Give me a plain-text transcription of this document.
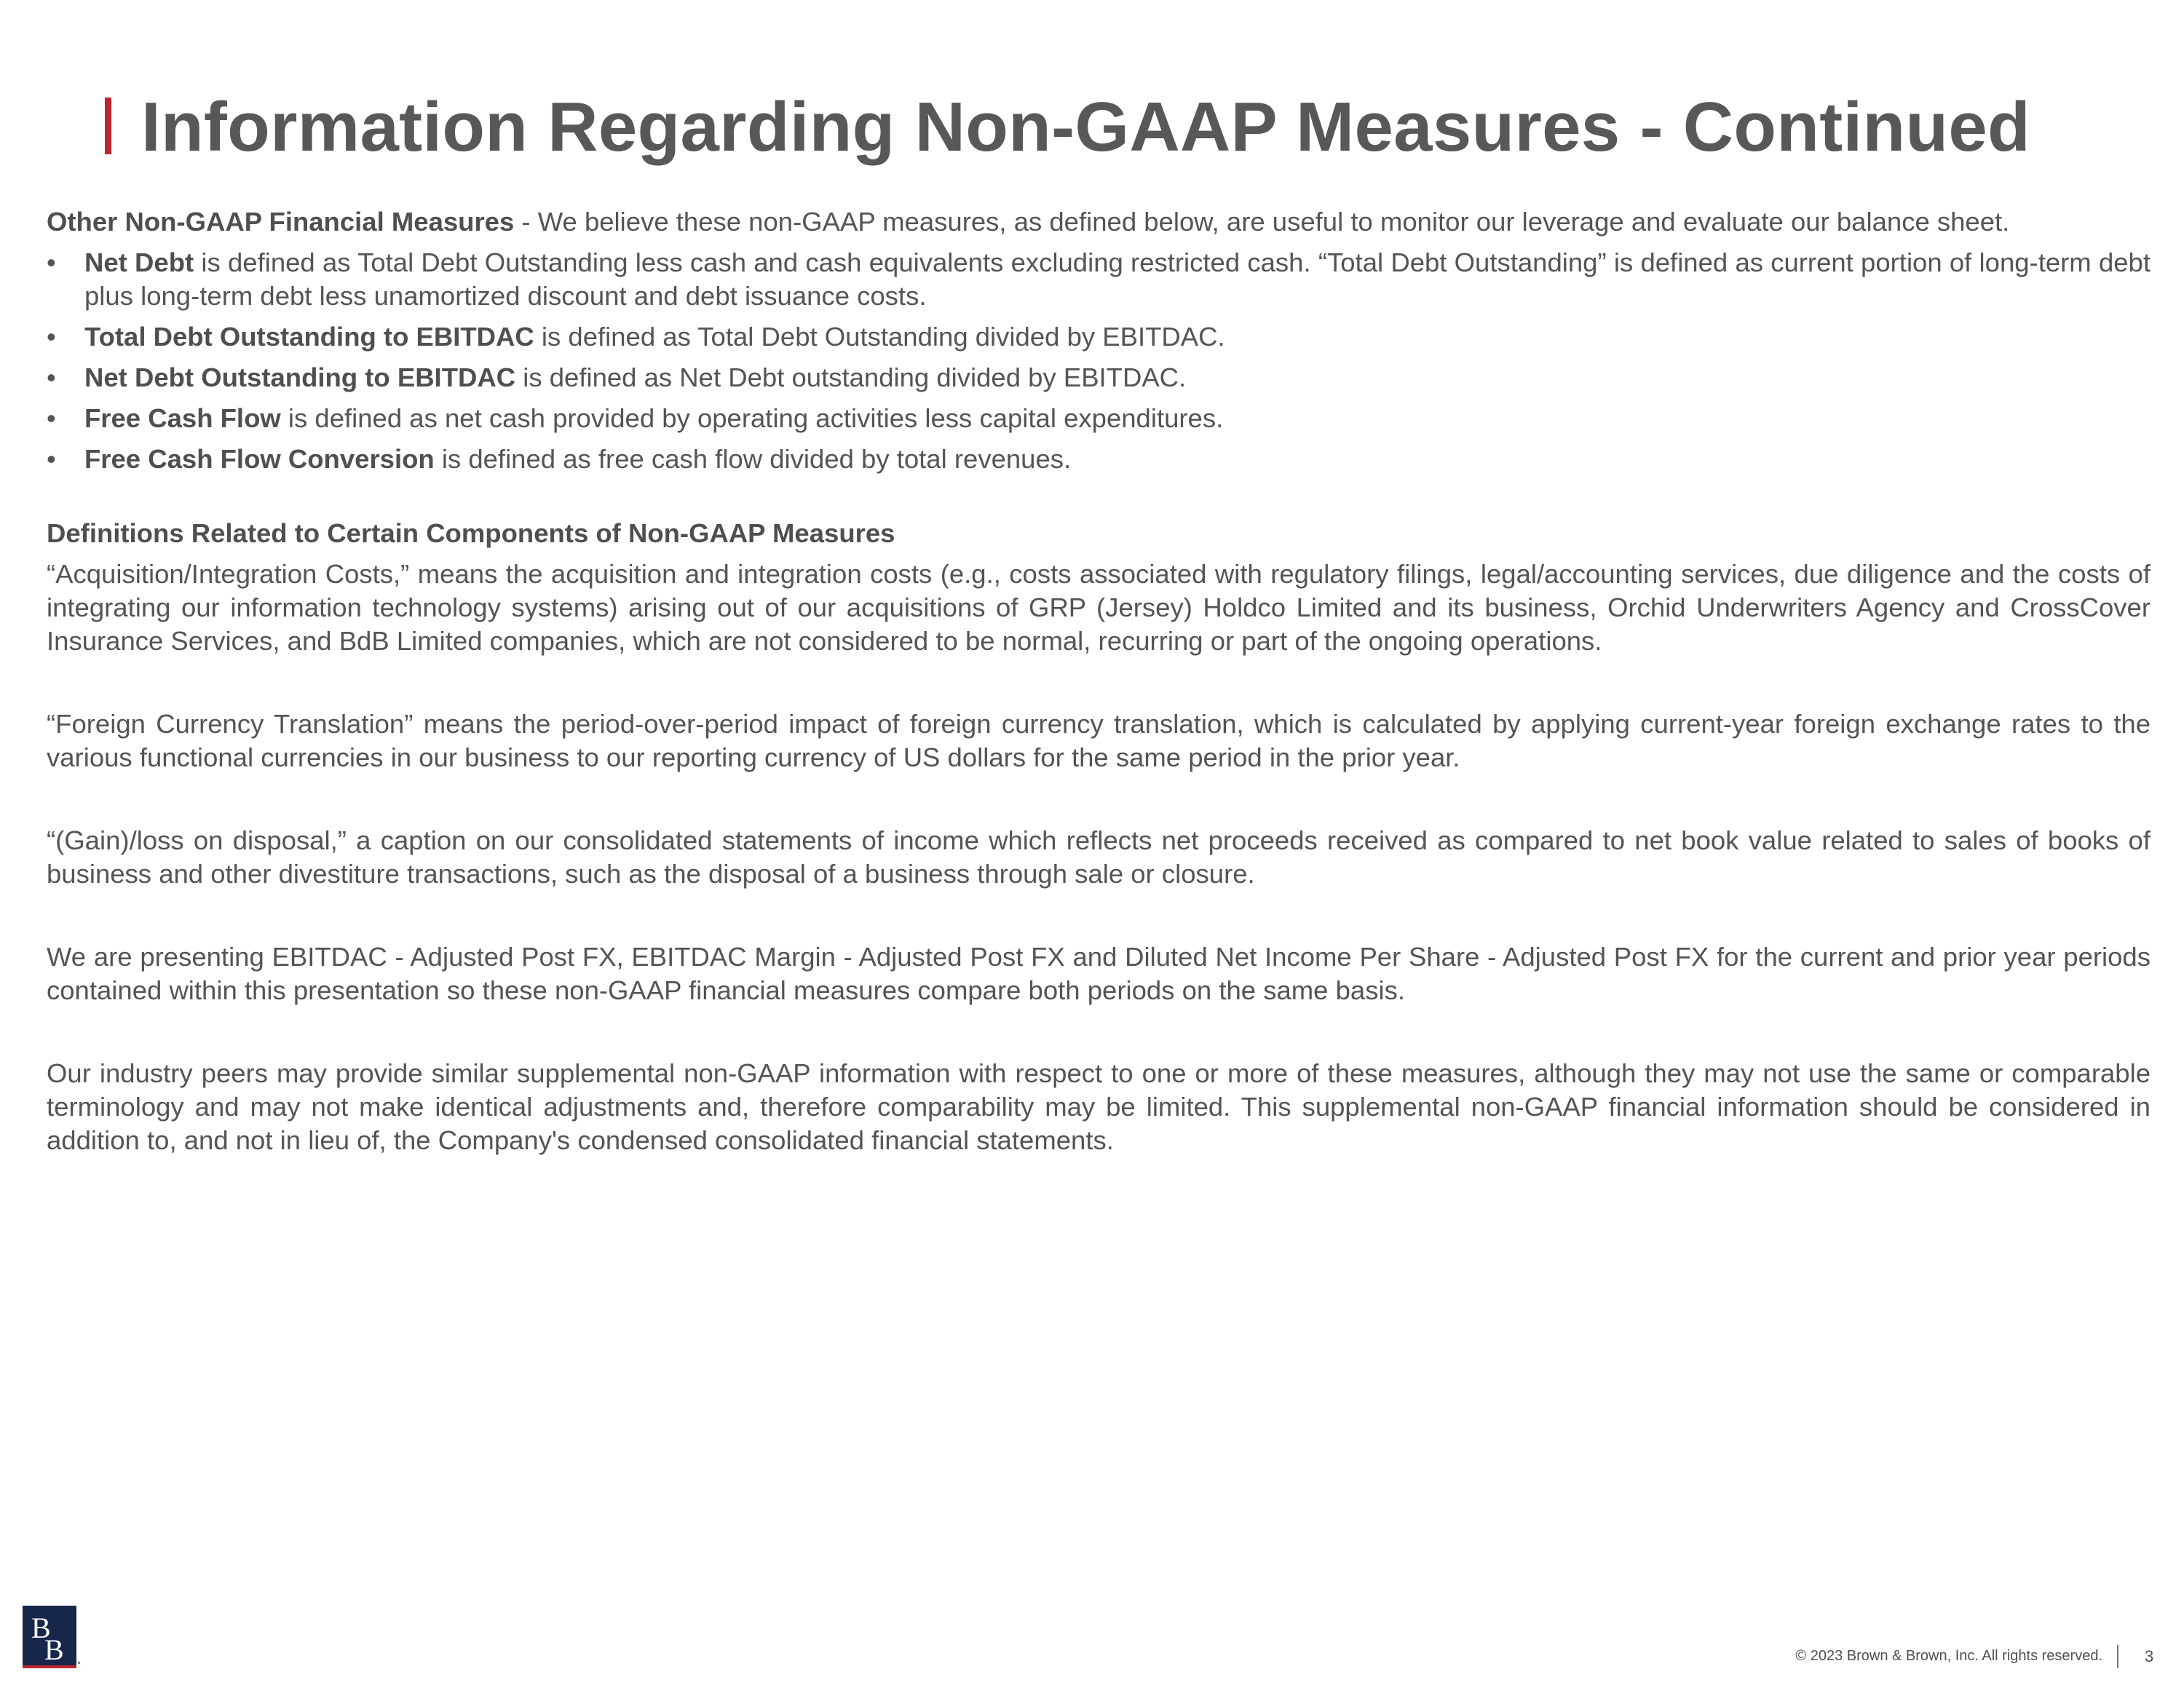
Information Regarding Non-GAAP Measures - Continued

Other Non-GAAP Financial Measures - We believe these non-GAAP measures, as defined below, are useful to monitor our leverage and evaluate our balance sheet.

• Net Debt is defined as Total Debt Outstanding less cash and cash equivalents excluding restricted cash. “Total Debt Outstanding” is defined as current portion of long-term debt plus long-term debt less unamortized discount and debt issuance costs.
• Total Debt Outstanding to EBITDAC is defined as Total Debt Outstanding divided by EBITDAC.
• Net Debt Outstanding to EBITDAC is defined as Net Debt outstanding divided by EBITDAC.
• Free Cash Flow is defined as net cash provided by operating activities less capital expenditures.
• Free Cash Flow Conversion is defined as free cash flow divided by total revenues.

Definitions Related to Certain Components of Non-GAAP Measures

“Acquisition/Integration Costs,” means the acquisition and integration costs (e.g., costs associated with regulatory filings, legal/accounting services, due diligence and the costs of integrating our information technology systems) arising out of our acquisitions of GRP (Jersey) Holdco Limited and its business, Orchid Underwriters Agency and CrossCover Insurance Services, and BdB Limited companies, which are not considered to be normal, recurring or part of the ongoing operations.

“Foreign Currency Translation” means the period-over-period impact of foreign currency translation, which is calculated by applying current-year foreign exchange rates to the various functional currencies in our business to our reporting currency of US dollars for the same period in the prior year.

“(Gain)/loss on disposal,” a caption on our consolidated statements of income which reflects net proceeds received as compared to net book value related to sales of books of business and other divestiture transactions, such as the disposal of a business through sale or closure.

We are presenting EBITDAC - Adjusted Post FX, EBITDAC Margin - Adjusted Post FX and Diluted Net Income Per Share - Adjusted Post FX for the current and prior year periods contained within this presentation so these non-GAAP financial measures compare both periods on the same basis.

Our industry peers may provide similar supplemental non-GAAP information with respect to one or more of these measures, although they may not use the same or comparable terminology and may not make identical adjustments and, therefore comparability may be limited. This supplemental non-GAAP financial information should be considered in addition to, and not in lieu of, the Company's condensed consolidated financial statements.

B
B	© 2023 Brown & Brown, Inc. All rights reserved.	3
